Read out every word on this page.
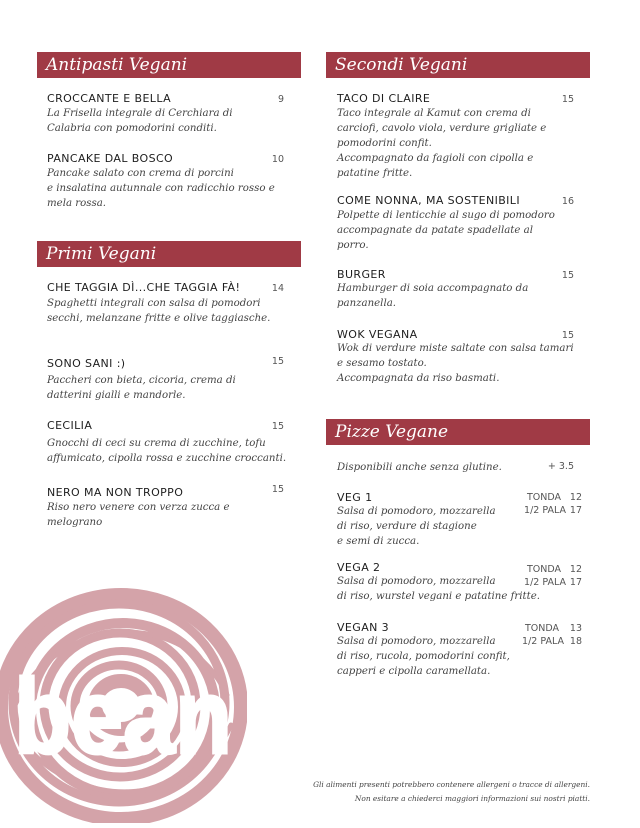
bean
Antipasti Vegani
CROCCANTE E BELLA	9
La Frisella integrale di Cerchiara di
Calabria con pomodorini conditi.
PANCAKE DAL BOSCO	10
Pancake salato con crema di porcini
e insalatina autunnale con radicchio rosso e
mela rossa.
Primi Vegani
CHE TAGGIA DÌ...CHE TAGGIA FÀ!	14
Spaghetti integrali con salsa di pomodori
secchi, melanzane fritte e olive taggiasche.
SONO SANI :)	15
Paccheri con bieta, cicoria, crema di
datterini gialli e mandorle.
CECILIA	15
Gnocchi di ceci su crema di zucchine, tofu
affumicato, cipolla rossa e zucchine croccanti.
NERO MA NON TROPPO	15
Riso nero venere con verza zucca e
melograno
Secondi Vegani
TACO DI CLAIRE	15
Taco integrale al Kamut con crema di
carciofi, cavolo viola, verdure grigliate e
pomodorini confit.
Accompagnato da fagioli con cipolla e
patatine fritte.
COME NONNA, MA SOSTENIBILI	16
Polpette di lenticchie al sugo di pomodoro
accompagnate da patate spadellate al
porro.
BURGER	15
Hamburger di soia accompagnato da
panzanella.
WOK VEGANA	15
Wok di verdure miste saltate con salsa tamari
e sesamo tostato.
Accompagnata da riso basmati.
Pizze Vegane
Disponibili anche senza glutine.	+ 3.5
VEG 1
Salsa di pomodoro, mozzarella
di riso, verdure di stagione
e semi di zucca.
TONDA 12
1/2 PALA 17
VEGA 2
Salsa di pomodoro, mozzarella
di riso, wurstel vegani e patatine fritte.
TONDA 12
1/2 PALA 17
VEGAN 3
Salsa di pomodoro, mozzarella
di riso, rucola, pomodorini confit,
capperi e cipolla caramellata.
TONDA	13
1/2 PALA 18
Gli alimenti presenti potrebbero contenere allergeni o tracce di allergeni.
Non esitare a chiederci maggiori informazioni sui nostri piatti.
